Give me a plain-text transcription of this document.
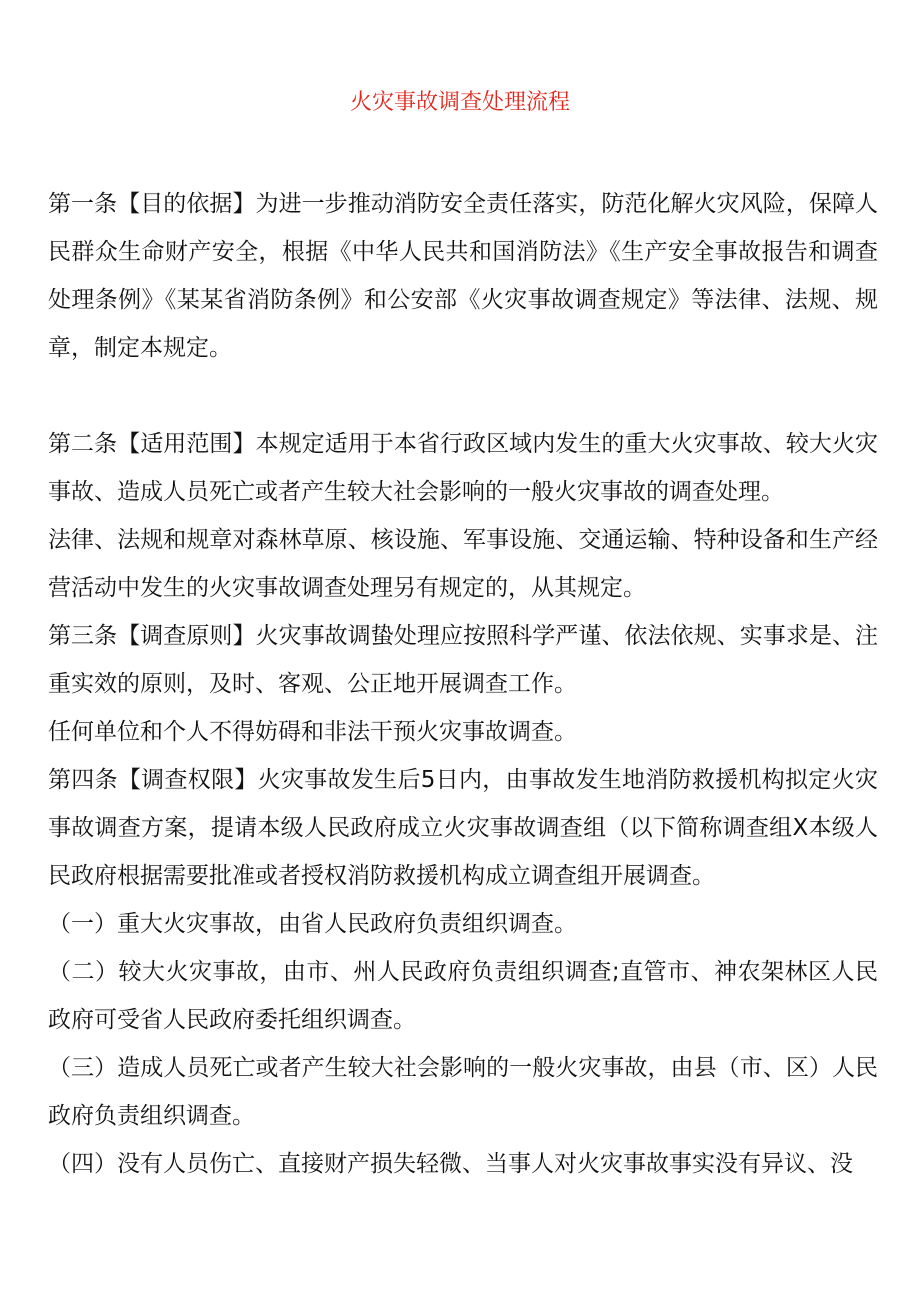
火灾事故调查处理流程

第一条【目的依据】为进一步推动消防安全责任落实，防范化解火灾风险，保障人民群众生命财产安全，根据《中华人民共和国消防法》《生产安全事故报告和调查处理条例》《某某省消防条例》和公安部《火灾事故调查规定》等法律、法规、规章，制定本规定。

第二条【适用范围】本规定适用于本省行政区域内发生的重大火灾事故、较大火灾事故、造成人员死亡或者产生较大社会影响的一般火灾事故的调查处理。

法律、法规和规章对森林草原、核设施、军事设施、交通运输、特种设备和生产经营活动中发生的火灾事故调查处理另有规定的，从其规定。

第三条【调查原则】火灾事故调蛰处理应按照科学严谨、依法依规、实事求是、注重实效的原则，及时、客观、公正地开展调查工作。

任何单位和个人不得妨碍和非法干预火灾事故调查。

第四条【调查权限】火灾事故发生后5日内，由事故发生地消防救援机构拟定火灾事故调查方案，提请本级人民政府成立火灾事故调查组（以下简称调查组X本级人民政府根据需要批准或者授权消防救援机构成立调查组开展调查。

（一）重大火灾事故，由省人民政府负责组织调查。

（二）较大火灾事故，由市、州人民政府负责组织调查;直管市、神农架林区人民政府可受省人民政府委托组织调查。

（三）造成人员死亡或者产生较大社会影响的一般火灾事故，由县（市、区）人民政府负责组织调查。

（四）没有人员伤亡、直接财产损失轻微、当事人对火灾事故事实没有异议、没
